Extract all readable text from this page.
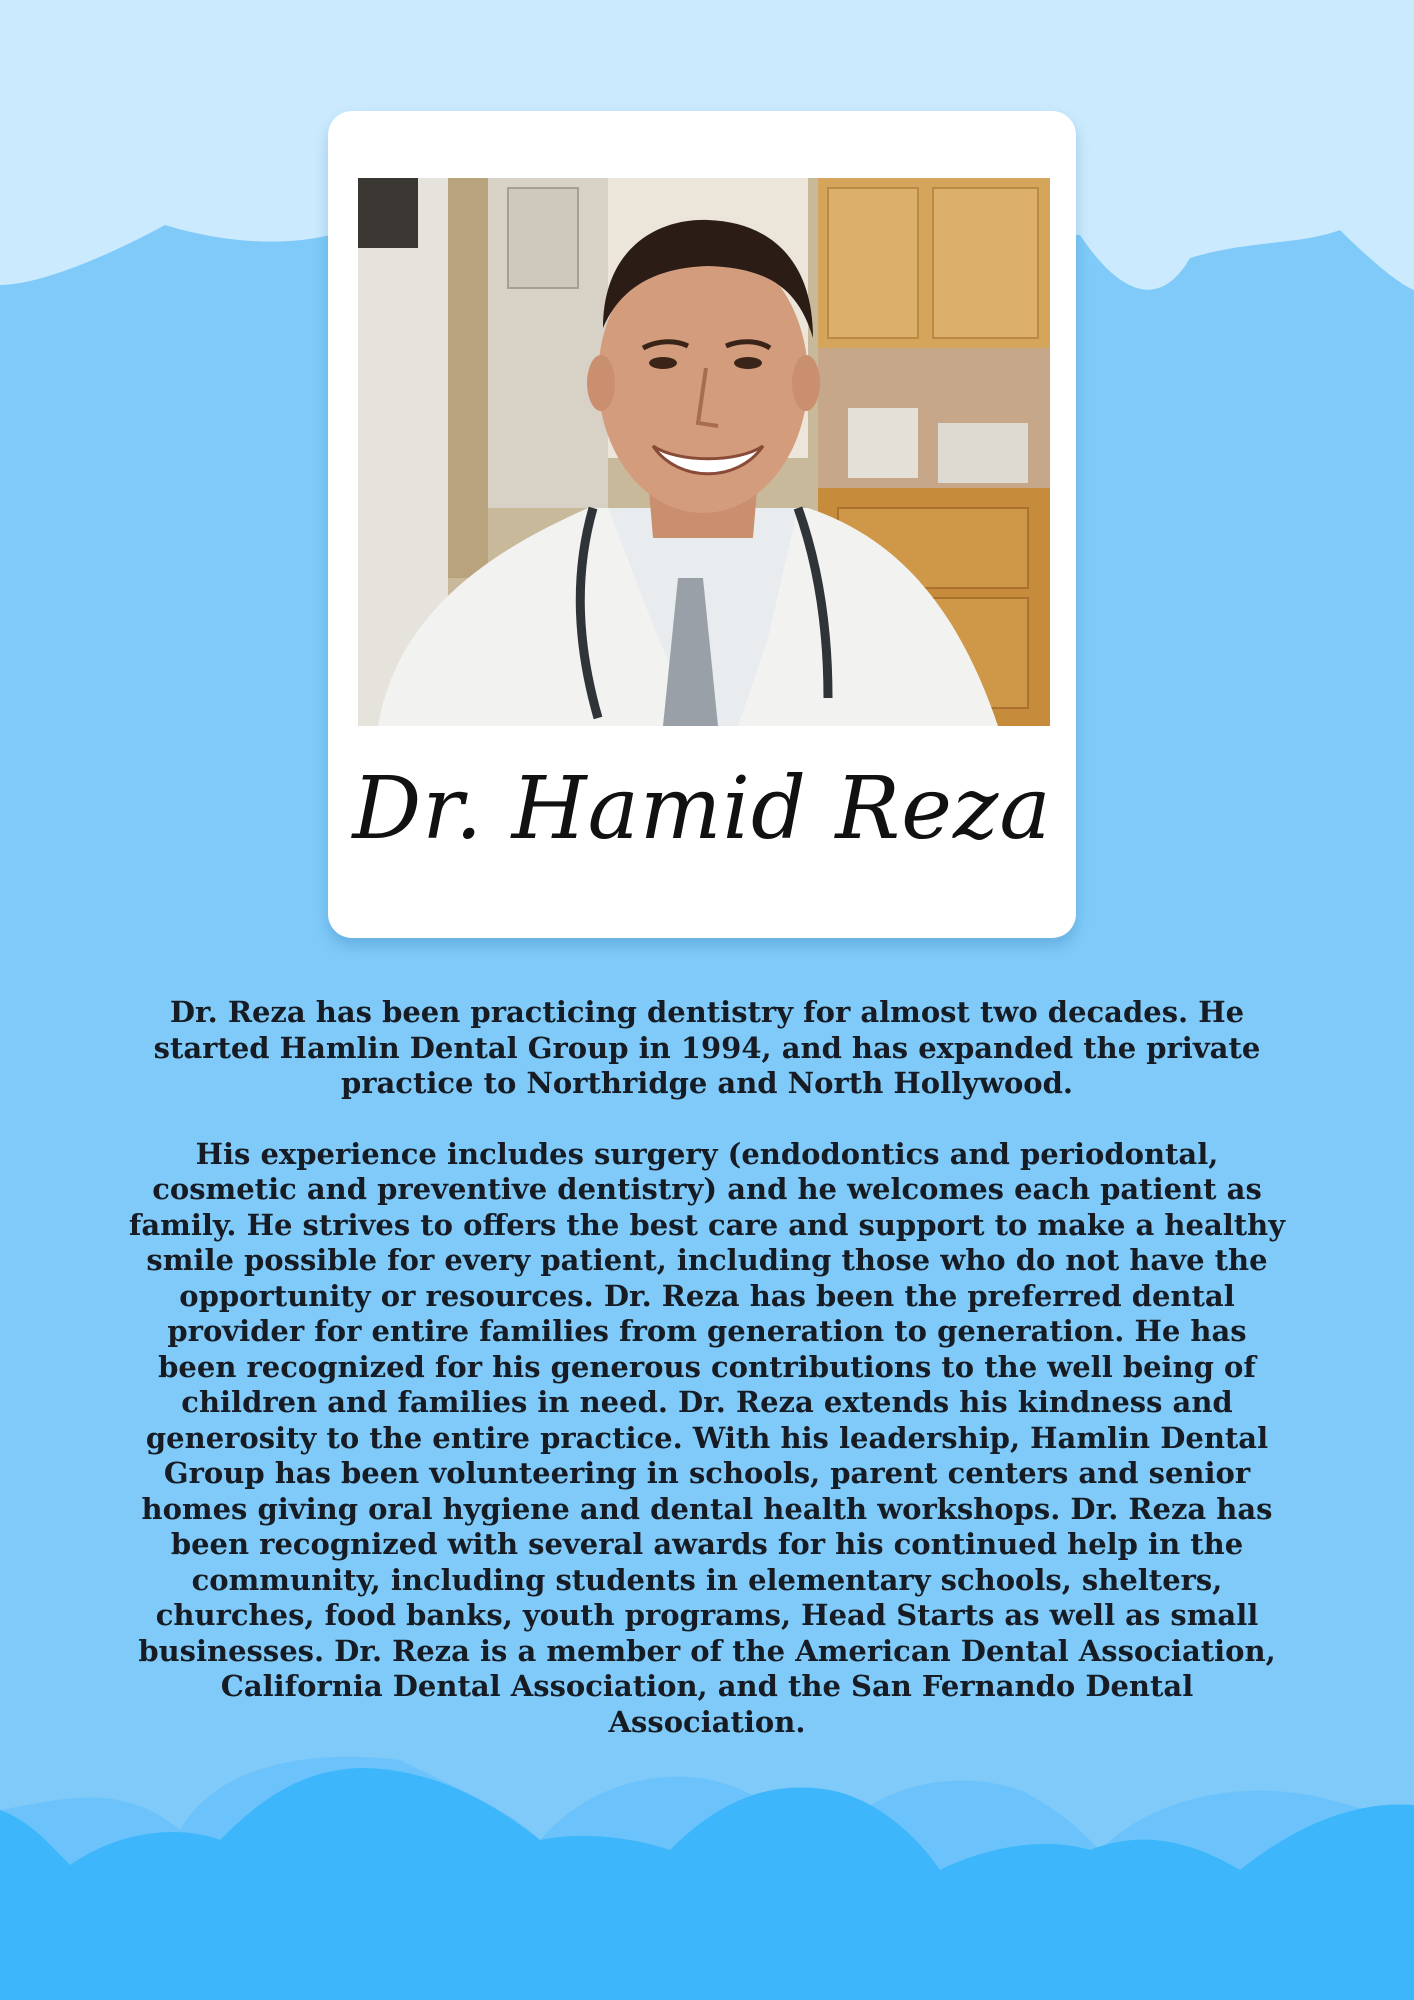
Dr. Hamid Reza

Dr. Reza has been practicing dentistry for almost two decades. He started Hamlin Dental Group in 1994, and has expanded the private practice to Northridge and North Hollywood.

His experience includes surgery (endodontics and periodontal, cosmetic and preventive dentistry) and he welcomes each patient as family. He strives to offers the best care and support to make a healthy smile possible for every patient, including those who do not have the opportunity or resources. Dr. Reza has been the preferred dental provider for entire families from generation to generation. He has been recognized for his generous contributions to the well being of children and families in need. Dr. Reza extends his kindness and generosity to the entire practice. With his leadership, Hamlin Dental Group has been volunteering in schools, parent centers and senior homes giving oral hygiene and dental health workshops. Dr. Reza has been recognized with several awards for his continued help in the community, including students in elementary schools, shelters, churches, food banks, youth programs, Head Starts as well as small businesses. Dr. Reza is a member of the American Dental Association, California Dental Association, and the San Fernando Dental Association.
